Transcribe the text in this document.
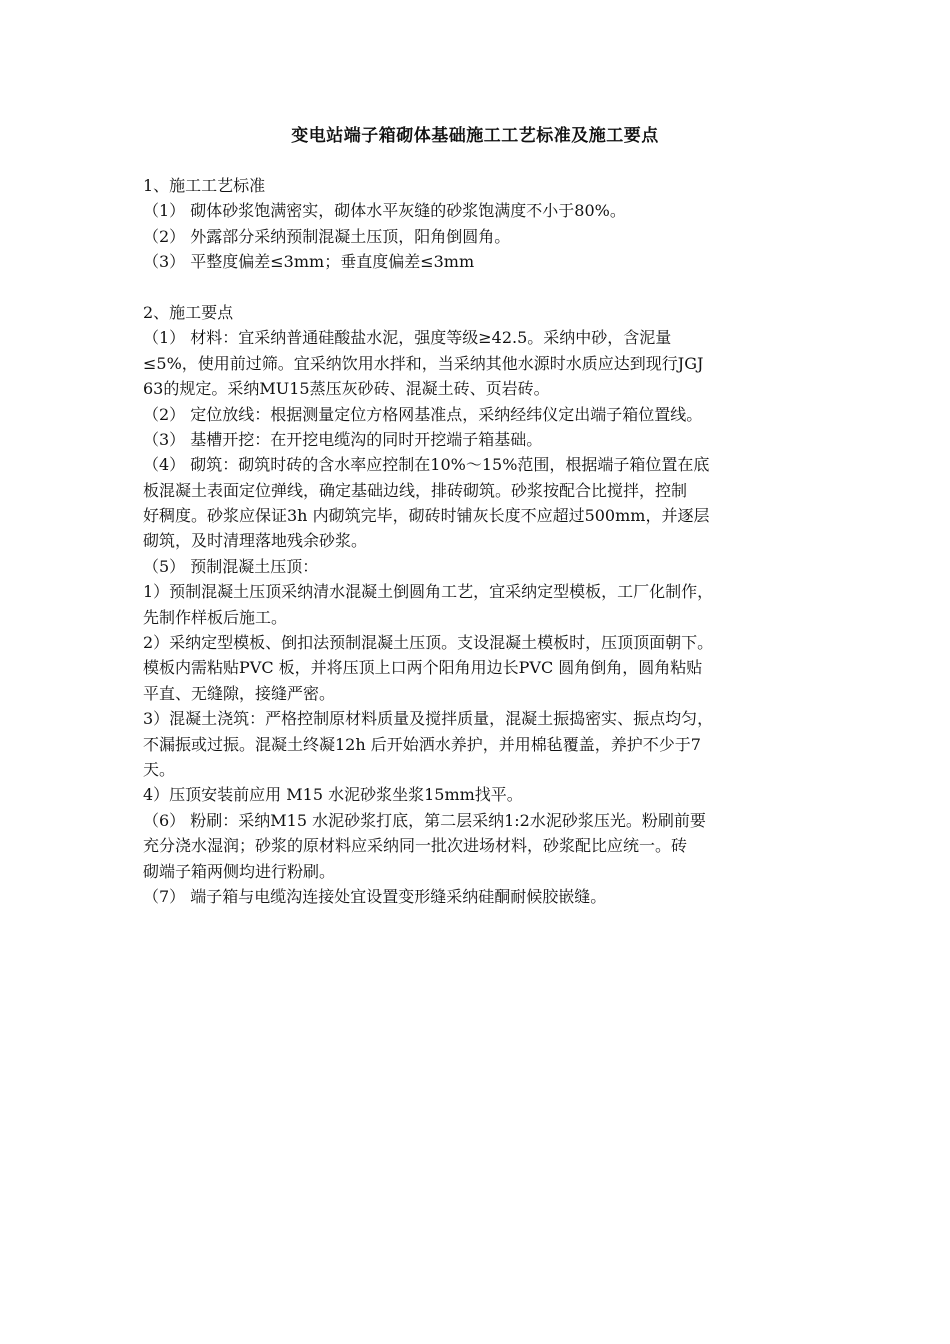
变电站端子箱砌体基础施工工艺标准及施工要点
1、施工工艺标准
（1） 砌体砂浆饱满密实，砌体水平灰缝的砂浆饱满度不小于80%。
（2） 外露部分采纳预制混凝土压顶，阳角倒圆角。
（3） 平整度偏差≤3mm；垂直度偏差≤3mm
2、施工要点
（1） 材料：宜采纳普通硅酸盐水泥，强度等级≥42.5。采纳中砂，含泥量
≤5%，使用前过筛。宜采纳饮用水拌和，当采纳其他水源时水质应达到现行JGJ
63的规定。采纳MU15蒸压灰砂砖、混凝土砖、页岩砖。
（2） 定位放线：根据测量定位方格网基准点，采纳经纬仪定出端子箱位置线。
（3） 基槽开挖：在开挖电缆沟的同时开挖端子箱基础。
（4） 砌筑：砌筑时砖的含水率应控制在10%～15%范围，根据端子箱位置在底
板混凝土表面定位弹线，确定基础边线，排砖砌筑。砂浆按配合比搅拌，控制
好稠度。砂浆应保证3h 内砌筑完毕，砌砖时铺灰长度不应超过500mm，并逐层
砌筑，及时清理落地残余砂浆。
（5） 预制混凝土压顶：
1）预制混凝土压顶采纳清水混凝土倒圆角工艺，宜采纳定型模板，工厂化制作，
先制作样板后施工。
2）采纳定型模板、倒扣法预制混凝土压顶。支设混凝土模板时，压顶顶面朝下。
模板内需粘贴PVC 板，并将压顶上口两个阳角用边长PVC 圆角倒角，圆角粘贴
平直、无缝隙，接缝严密。
3）混凝土浇筑：严格控制原材料质量及搅拌质量，混凝土振捣密实、振点均匀，
不漏振或过振。混凝土终凝12h 后开始洒水养护，并用棉毡覆盖，养护不少于7
天。
4）压顶安装前应用 M15 水泥砂浆坐浆15mm找平。
（6） 粉刷：采纳M15 水泥砂浆打底，第二层采纳1:2水泥砂浆压光。粉刷前要
充分浇水湿润；砂浆的原材料应采纳同一批次进场材料，砂浆配比应统一。砖
砌端子箱两侧均进行粉刷。
（7） 端子箱与电缆沟连接处宜设置变形缝采纳硅酮耐候胶嵌缝。
